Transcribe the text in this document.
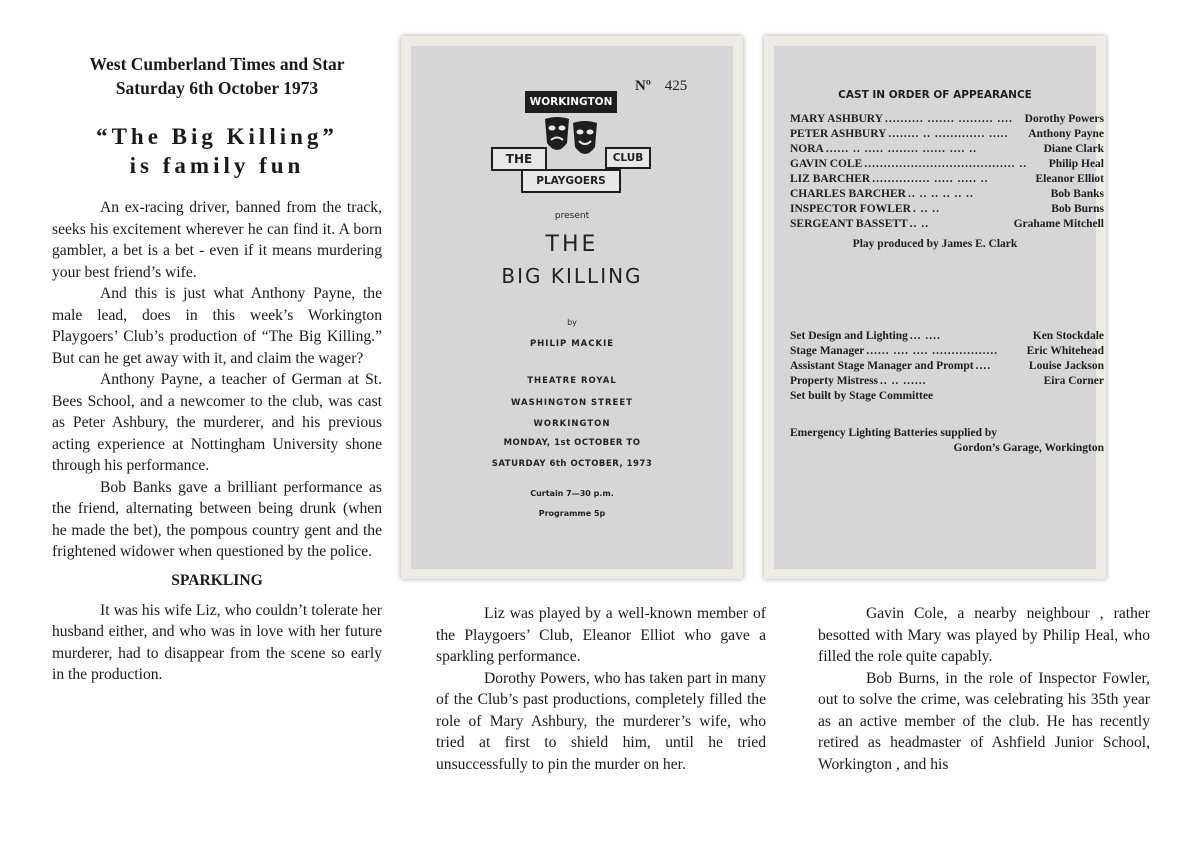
West Cumberland Times and Star
Saturday 6th October 1973
“The Big Killing”
is family fun

An ex-racing driver, banned from the track, seeks his excitement wherever he can find it. A born gambler, a bet is a bet - even if it means murdering your best friend’s wife.

And this is just what Anthony Payne, the male lead, does in this week’s Workington Playgoers’ Club’s production of “The Big Killing.” But can he get away with it, and claim the wager?

Anthony Payne, a teacher of German at St. Bees School, and a newcomer to the club, was cast as Peter Ashbury, the murderer, and his previous acting experience at Nottingham University shone through his performance.

Bob Banks gave a brilliant performance as the friend, alternating between being drunk (when he made the bet), the pompous country gent and the frightened widower when questioned by the police.

SPARKLING

It was his wife Liz, who couldn’t tolerate her husband either, and who was in love with her future murderer, had to disappear from the scene so early in the production.

Nº 425
WORKINGTON
THE	CLUB
PLAYGOERS
present
THE
BIG KILLING
by
PHILIP MACKIE
THEATRE ROYAL
WASHINGTON STREET
WORKINGTON
MONDAY, 1st OCTOBER TO
SATURDAY 6th OCTOBER, 1973
Curtain 7—30 p.m.
Programme 5p
CAST IN ORDER OF APPEARANCE
MARY ASHBURY .......... ....... ......... ....	Dorothy Powers
PETER ASHBURY ........ .. ............. .....	Anthony Payne
NORA ...... .. ..... ........ ...... .... ..	Diane Clark
GAVIN COLE ....................................... ..	Philip Heal
LIZ BARCHER ............... ..... ..... ..	Eleanor Elliot
CHARLES BARCHER .. .. .. .. .. ..	Bob Banks
INSPECTOR FOWLER . .. ..	Bob Burns
SERGEANT BASSETT .. ..	Grahame Mitchell
Play produced by James E. Clark
Set Design and Lighting ... ....	Ken Stockdale
Stage Manager ...... .... .... .................	Eric Whitehead
Assistant Stage Manager and Prompt ....	Louise Jackson
Property Mistress .. .. ......	Eira Corner
Set built by Stage Committee
Emergency Lighting Batteries supplied by
Gordon’s Garage, Workington

Liz was played by a well-known member of the Playgoers’ Club, Eleanor Elliot who gave a sparkling performance.

Dorothy Powers, who has taken part in many of the Club’s past productions, completely filled the role of Mary Ashbury, the murderer’s wife, who tried at first to shield him, until he tried unsuccessfully to pin the murder on her.

Gavin Cole, a nearby neighbour , rather besotted with Mary was played by Philip Heal, who filled the role quite capably.

Bob Burns, in the role of Inspector Fowler, out to solve the crime, was celebrating his 35th year as an active member of the club. He has recently retired as headmaster of Ashfield Junior School, Workington , and his
